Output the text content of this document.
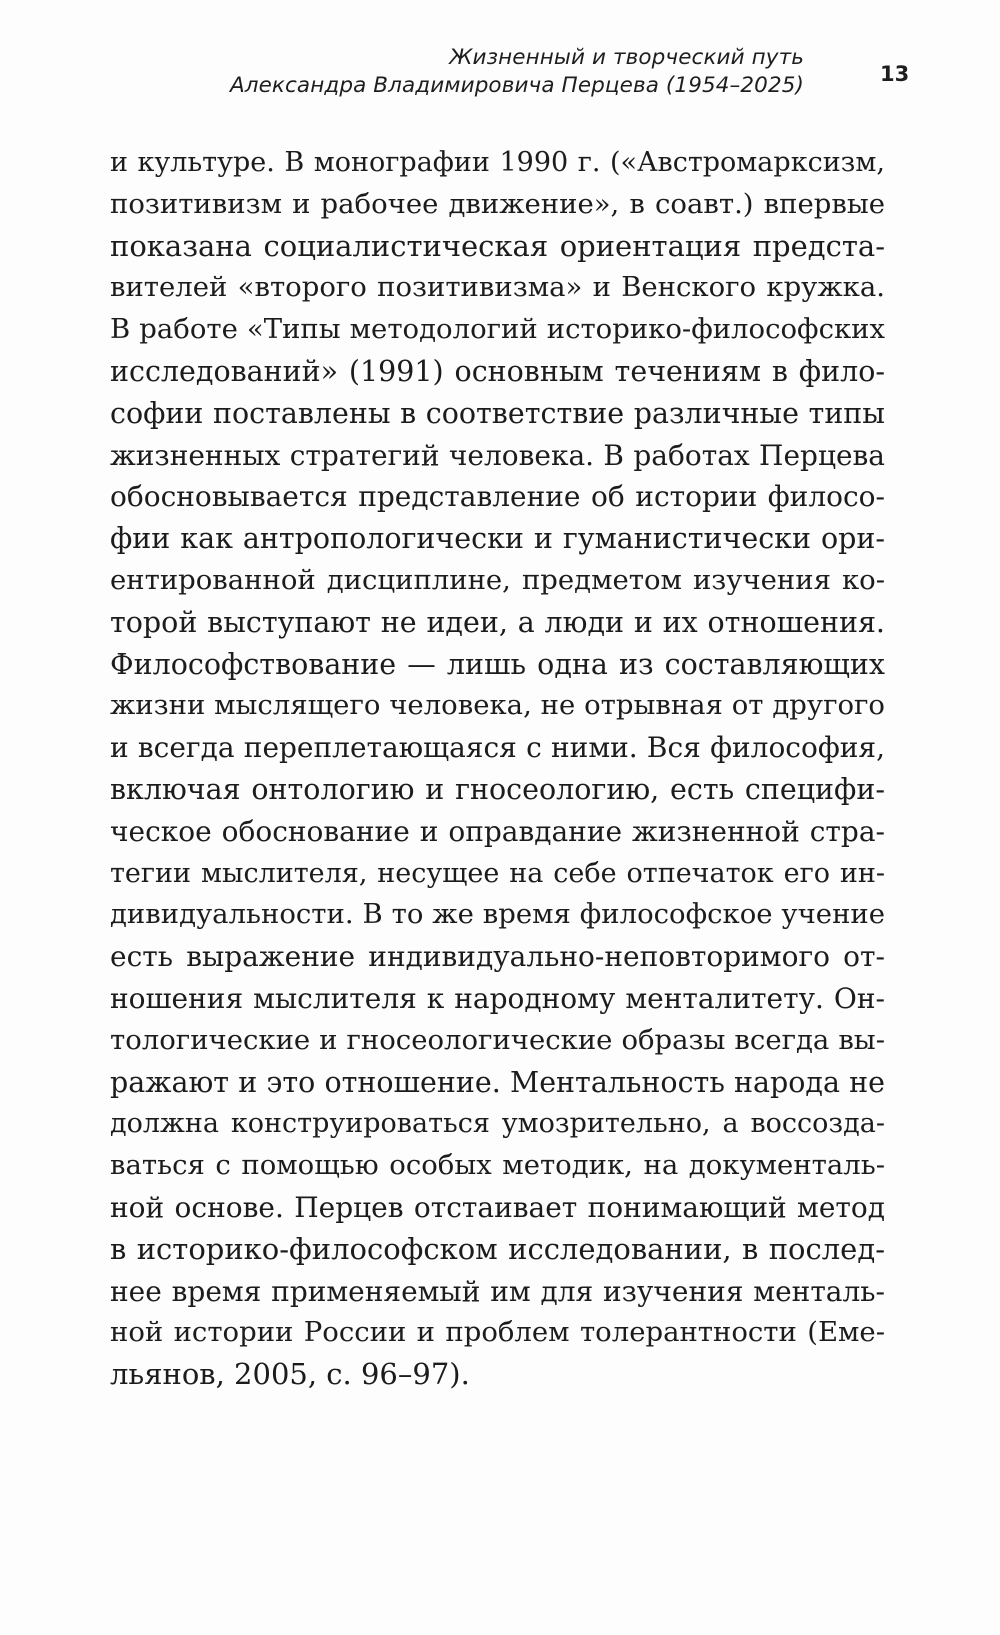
Жизненный и творческий путь
Александра Владимировича Перцева (1954–2025)	13
и культуре. В монографии 1990 г. («Австромарксизм,
позитивизм и рабочее движение», в соавт.) впервые
показана социалистическая ориентация предста-
вителей «второго позитивизма» и Венского кружка.
В работе «Типы методологий историко-философских
исследований» (1991) основным течениям в фило-
софии поставлены в соответствие различные типы
жизненных стратегий человека. В работах Перцева
обосновывается представление об истории филосо-
фии как антропологически и гуманистически ори-
ентированной дисциплине, предметом изучения ко-
торой выступают не идеи, а люди и их отношения.
Философствование — лишь одна из составляющих
жизни мыслящего человека, не отрывная от другого
и всегда переплетающаяся с ними. Вся философия,
включая онтологию и гносеологию, есть специфи-
ческое обоснование и оправдание жизненной стра-
тегии мыслителя, несущее на себе отпечаток его ин-
дивидуальности. В то же время философское учение
есть выражение индивидуально-неповторимого от-
ношения мыслителя к народному менталитету. Он-
тологические и гносеологические образы всегда вы-
ражают и это отношение. Ментальность народа не
должна конструироваться умозрительно, а воссозда-
ваться с помощью особых методик, на документаль-
ной основе. Перцев отстаивает понимающий метод
в историко-философском исследовании, в послед-
нее время применяемый им для изучения менталь-
ной истории России и проблем толерантности (Еме-
льянов, 2005, с. 96–97).
